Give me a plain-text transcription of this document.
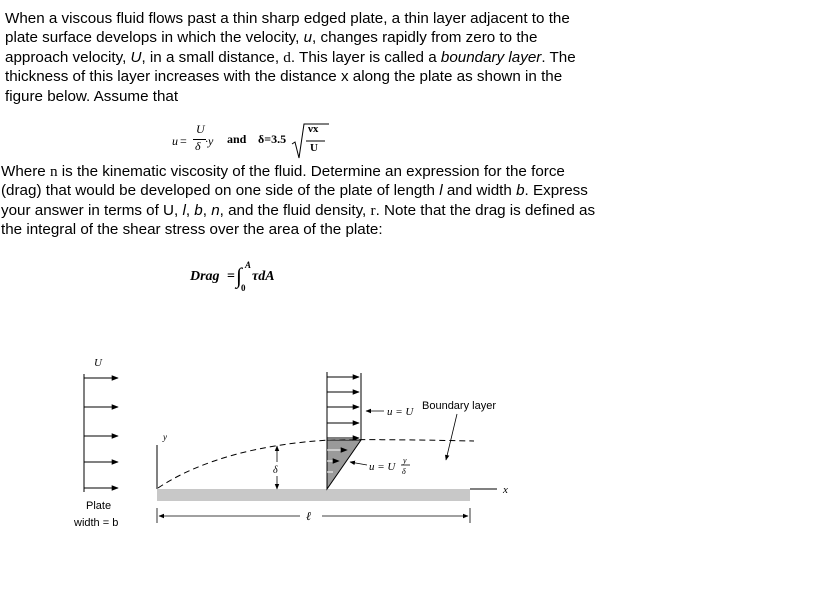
When a viscous fluid flows past a thin sharp edged plate, a thin layer adjacent to the plate surface develops in which the velocity, u, changes rapidly from zero to the approach velocity, U, in a small distance, d. This layer is called a boundary layer. The thickness of this layer increases with the distance x along the plate as shown in the figure below. Assume that

u =
U
δ ·y and δ=3.5
νx
U

Where n is the kinematic viscosity of the fluid. Determine an expression for the force (drag) that would be developed on one side of the plate of length l and width b. Express your answer in terms of U, l, b, n, and the fluid density, r. Note that the drag is defined as the integral of the shear stress over the area of the plate:

Drag = ∫ A
0
τdA
U
Plate
width = b
y
x
δ
ℓ
u = U
u = U
y
δ
Boundary layer
